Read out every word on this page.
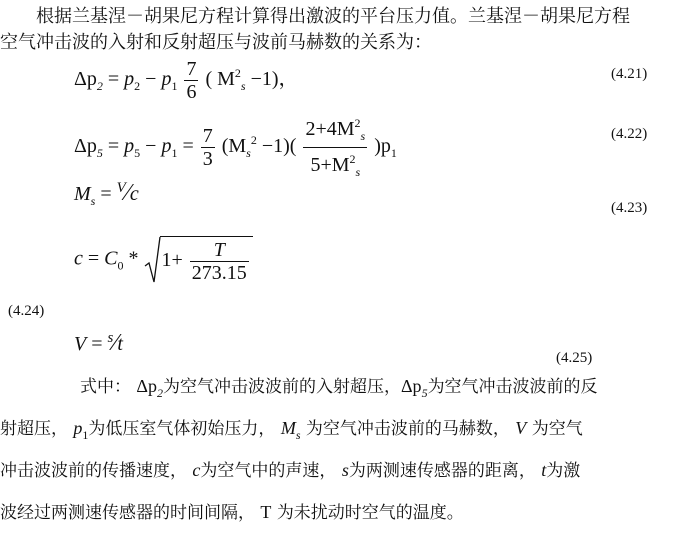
根据兰基涅－胡果尼方程计算得出激波的平台压力值。兰基涅－胡果尼方程
空气冲击波的入射和反射超压与波前马赫数的关系为：
$\Delta p_2 = p_2 - p_1 \frac{7}{6}$ ( $M^2_s -1$)，	(4.21)
$\Delta p_5 = p_5 - p_1 = \frac{7}{3} (M_s^2 -1)( \frac{2+4M^2_s}{5+M^2_s} )p_1$
(4.22)
$M_s$ = $^V$⁄c
(4.23)
$c = C_0 * 1+ \frac{T}{273.15}$
(4.24)
V = $^s$⁄t
(4.25)
式中： $\Delta p_2$为空气冲击波波前的入射超压，$\Delta p_5$为空气冲击波波前的反
射超压， $p_1$为低压室气体初始压力， $M_s$ 为空气冲击波前的马赫数， V 为空气
冲击波波前的传播速度， c为空气中的声速， s为两测速传感器的距离， t为激
波经过两测速传感器的时间间隔， T 为未扰动时空气的温度。
